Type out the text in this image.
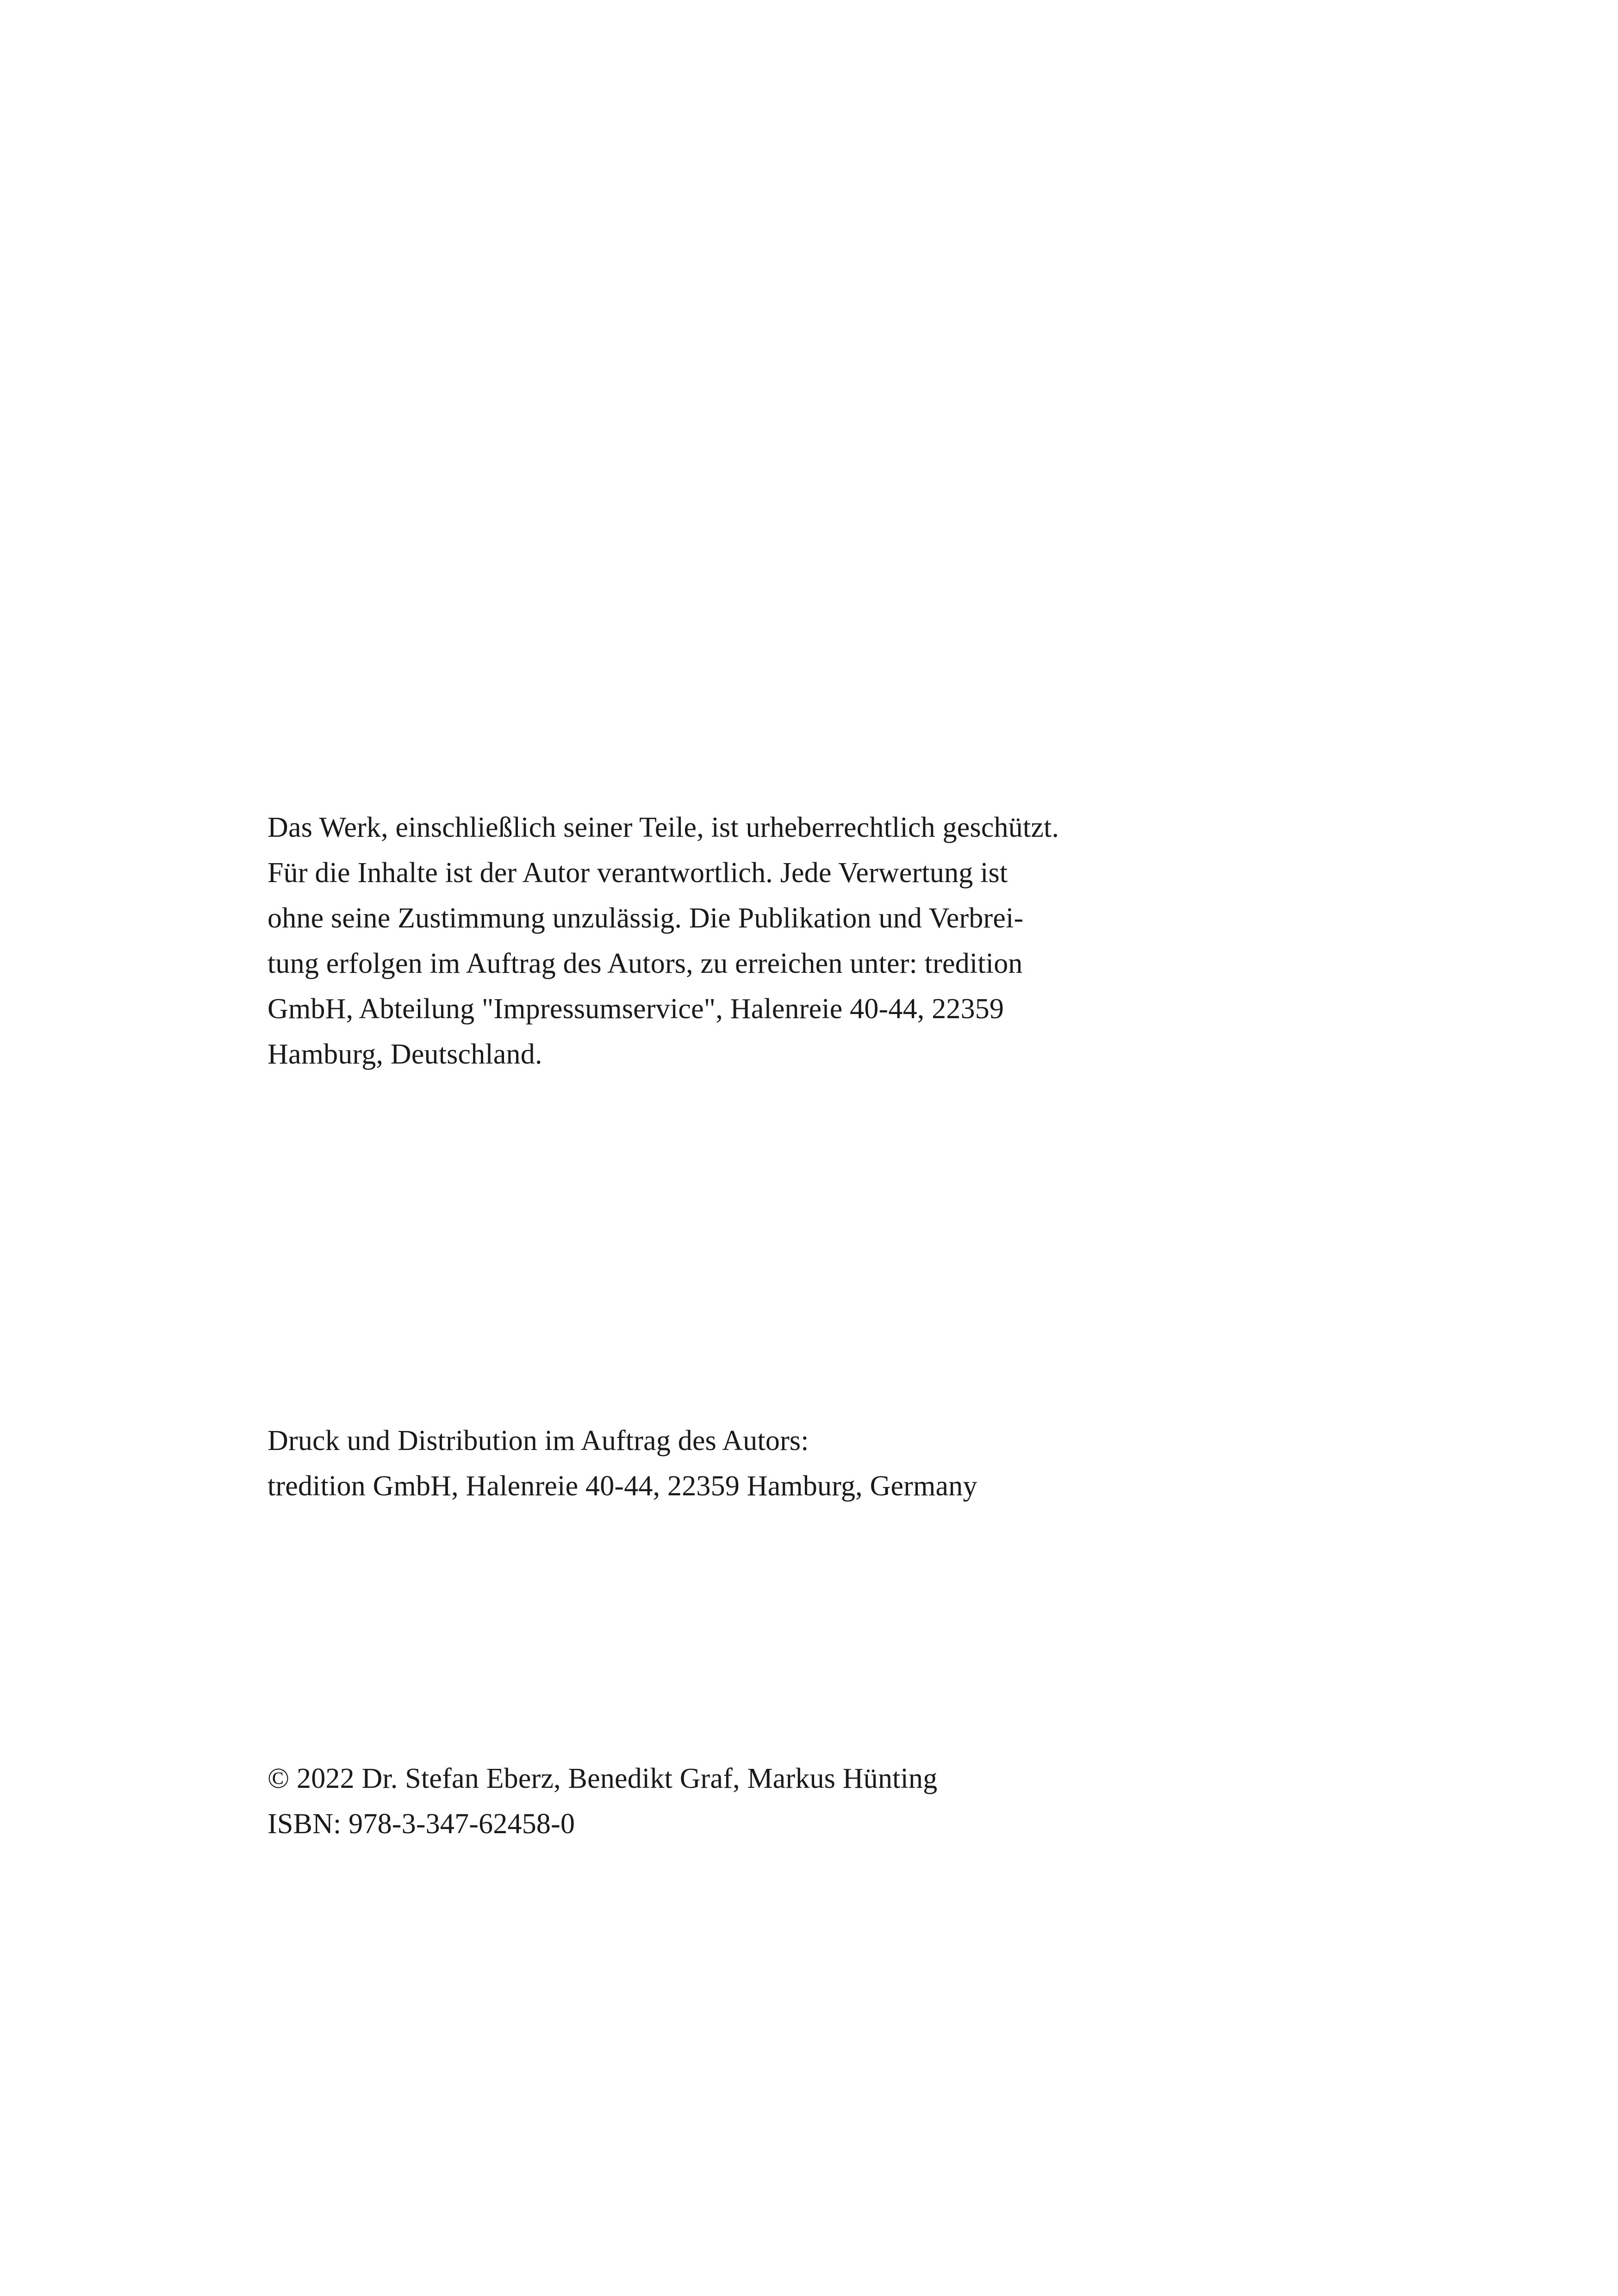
Das Werk, einschließlich seiner Teile, ist urheberrechtlich geschützt.

Für die Inhalte ist der Autor verantwortlich. Jede Verwertung ist

ohne seine Zustimmung unzulässig. Die Publikation und Verbrei-

tung erfolgen im Auftrag des Autors, zu erreichen unter: tredition

GmbH, Abteilung "Impressumservice", Halenreie 40-44, 22359

Hamburg, Deutschland.

Druck und Distribution im Auftrag des Autors:

tredition GmbH, Halenreie 40-44, 22359 Hamburg, Germany

© 2022 Dr. Stefan Eberz, Benedikt Graf, Markus Hünting

ISBN: 978-3-347-62458-0
